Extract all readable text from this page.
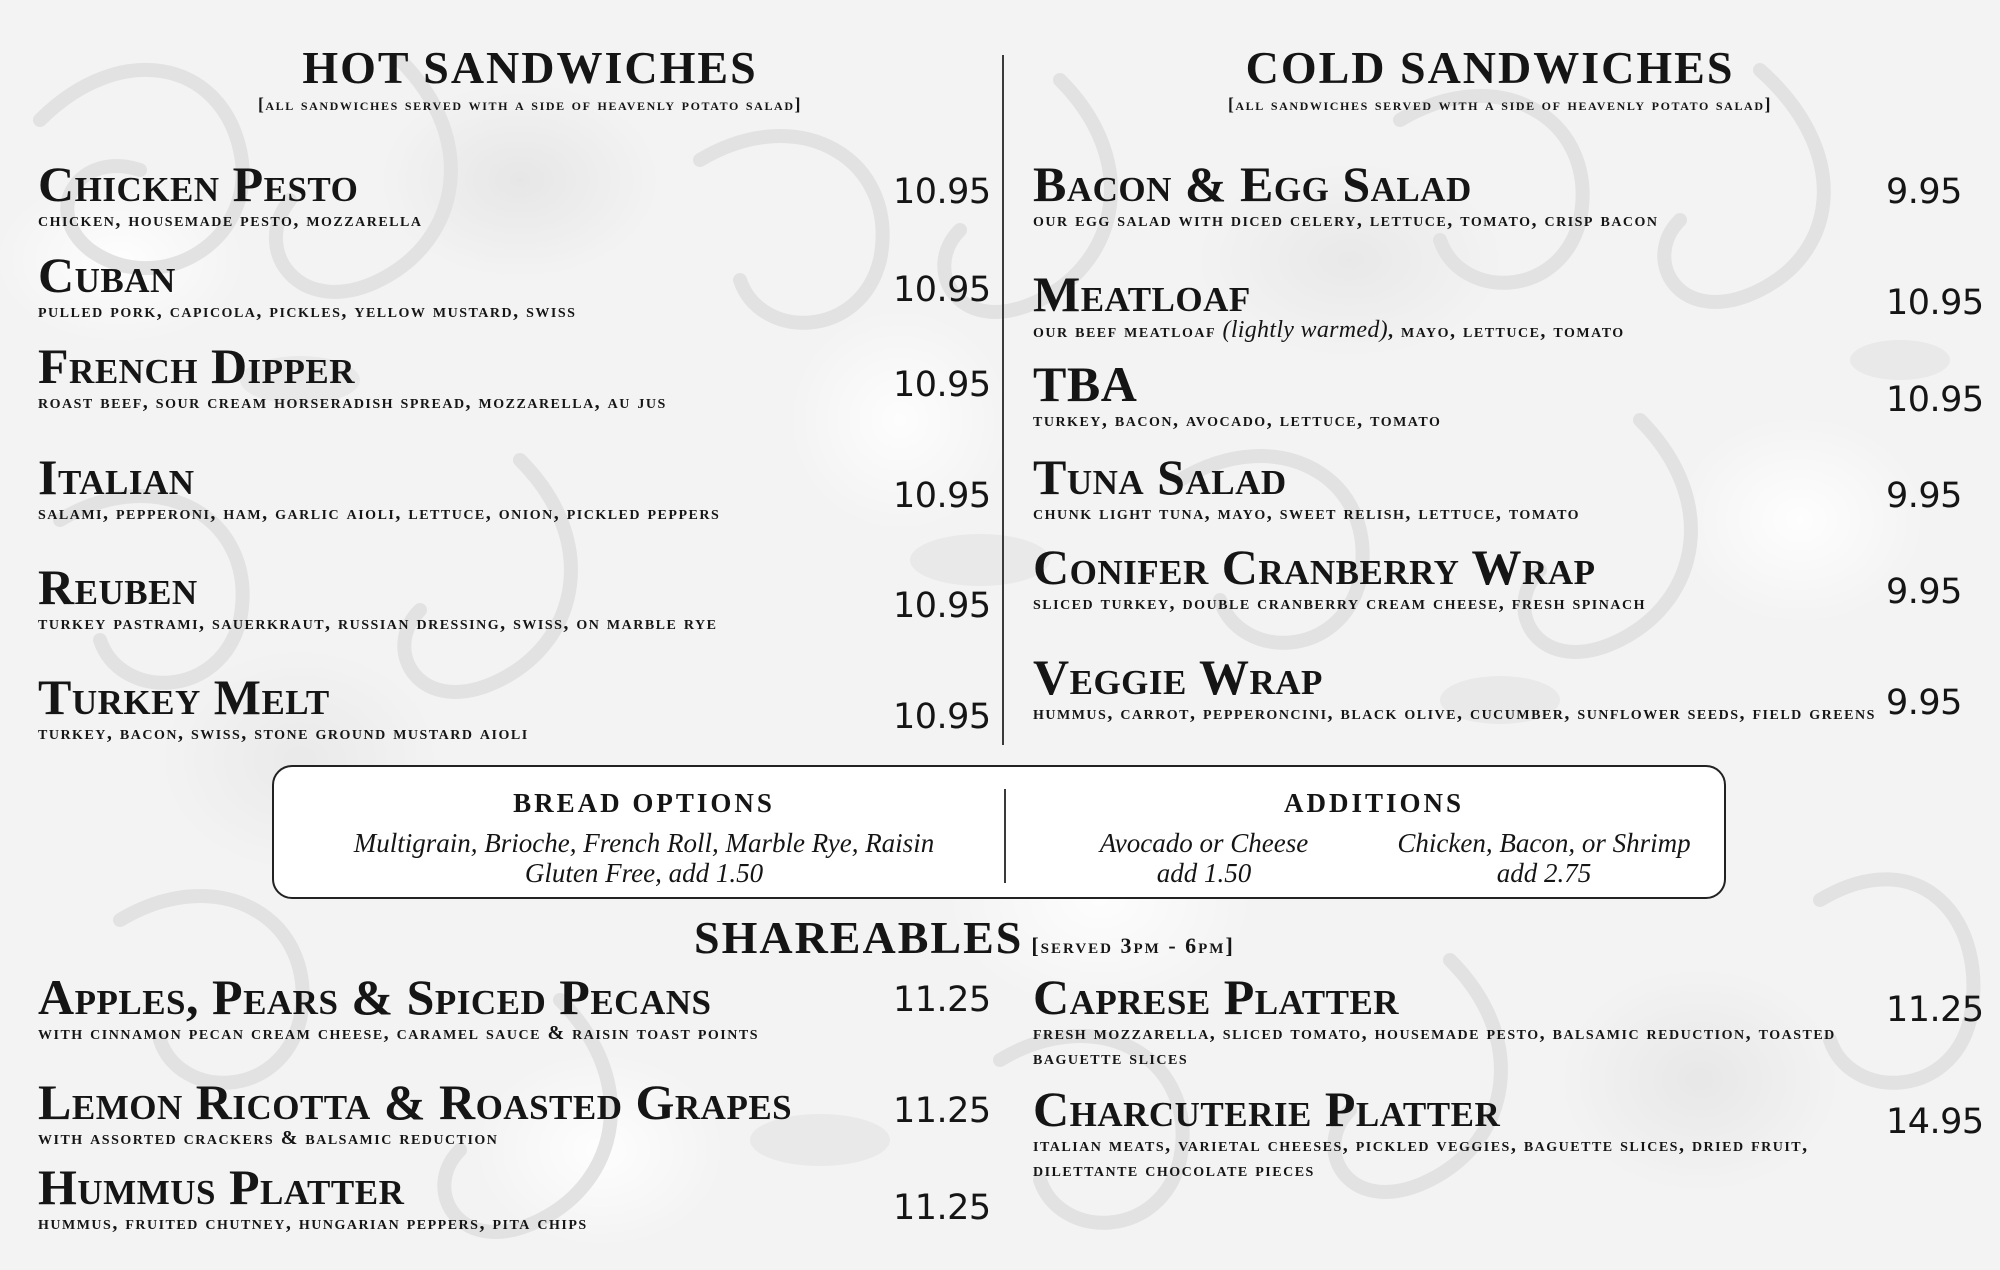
HOT SANDWICHES
[all sandwiches served with a side of heavenly potato salad]
Chicken Pesto
chicken, housemade pesto, mozzarella
10.95
Cuban
pulled pork, capicola, pickles, yellow mustard, swiss
10.95
French Dipper
roast beef, sour cream horseradish spread, mozzarella, au jus	10.95
Italian
salami, pepperoni, ham, garlic aioli, lettuce, onion, pickled peppers	10.95
Reuben
turkey pastrami, sauerkraut, russian dressing, swiss, on marble rye	10.95
Turkey Melt
turkey, bacon, swiss, stone ground mustard aioli	10.95
COLD SANDWICHES
[all sandwiches served with a side of heavenly potato salad]
Bacon & Egg Salad
our egg salad with diced celery, lettuce, tomato, crisp bacon
9.95
Meatloaf
our beef meatloaf (lightly warmed), mayo, lettuce, tomato
10.95
TBA
turkey, bacon, avocado, lettuce, tomato	10.95
Tuna Salad
chunk light tuna, mayo, sweet relish, lettuce, tomato	9.95
Conifer Cranberry Wrap
sliced turkey, double cranberry cream cheese, fresh spinach	9.95
Veggie Wrap
hummus, carrot, pepperoncini, black olive, cucumber, sunflower seeds, field greens 9.95
BREAD OPTIONS
Multigrain, Brioche, French Roll, Marble Rye, Raisin
Gluten Free, add 1.50
ADDITIONS
Avocado or Cheese
add 1.50
Chicken, Bacon, or Shrimp
add 2.75
SHAREABLES [served 3pm - 6pm]
Apples, Pears & Spiced Pecans
with cinnamon pecan cream cheese, caramel sauce & raisin toast points
11.25
Lemon Ricotta & Roasted Grapes
with assorted crackers & balsamic reduction
11.25
Hummus Platter
hummus, fruited chutney, hungarian peppers, pita chips	11.25
Caprese Platter
fresh mozzarella, sliced tomato, housemade pesto, balsamic reduction, toasted baguette slices
11.25
Charcuterie Platter
italian meats, varietal cheeses, pickled veggies, baguette slices, dried fruit, dilettante chocolate pieces
14.95
